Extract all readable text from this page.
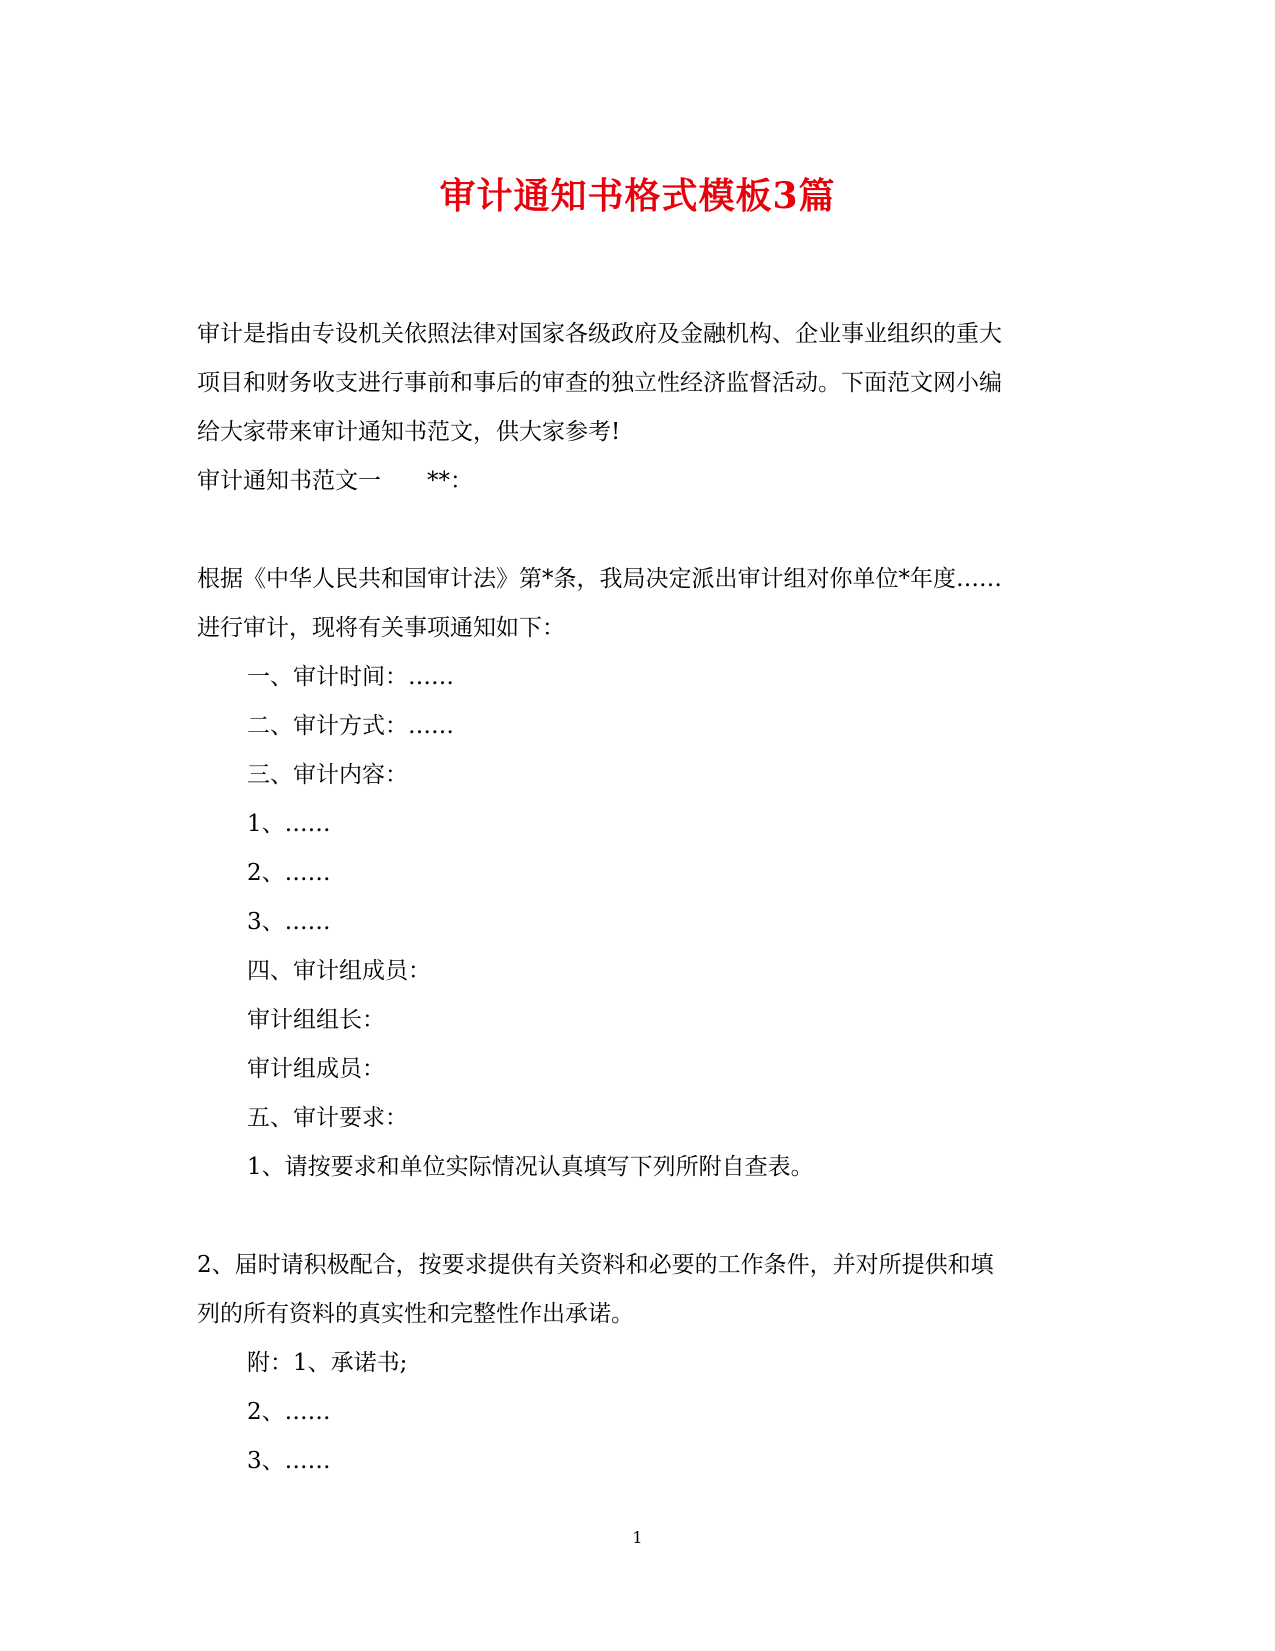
审计通知书格式模板3篇
审计是指由专设机关依照法律对国家各级政府及金融机构、企业事业组织的重大
项目和财务收支进行事前和事后的审查的独立性经济监督活动。下面范文网小编
给大家带来审计通知书范文，供大家参考!
审计通知书范文一　　**：
根据《中华人民共和国审计法》第*条，我局决定派出审计组对你单位*年度……
进行审计，现将有关事项通知如下：
一、审计时间：……
二、审计方式：……
三、审计内容：
1、……
2、……
3、……
四、审计组成员：
审计组组长：
审计组成员：
五、审计要求：
1、请按要求和单位实际情况认真填写下列所附自查表。
2、届时请积极配合，按要求提供有关资料和必要的工作条件，并对所提供和填
列的所有资料的真实性和完整性作出承诺。
附：1、承诺书;
2、……
3、……
1
